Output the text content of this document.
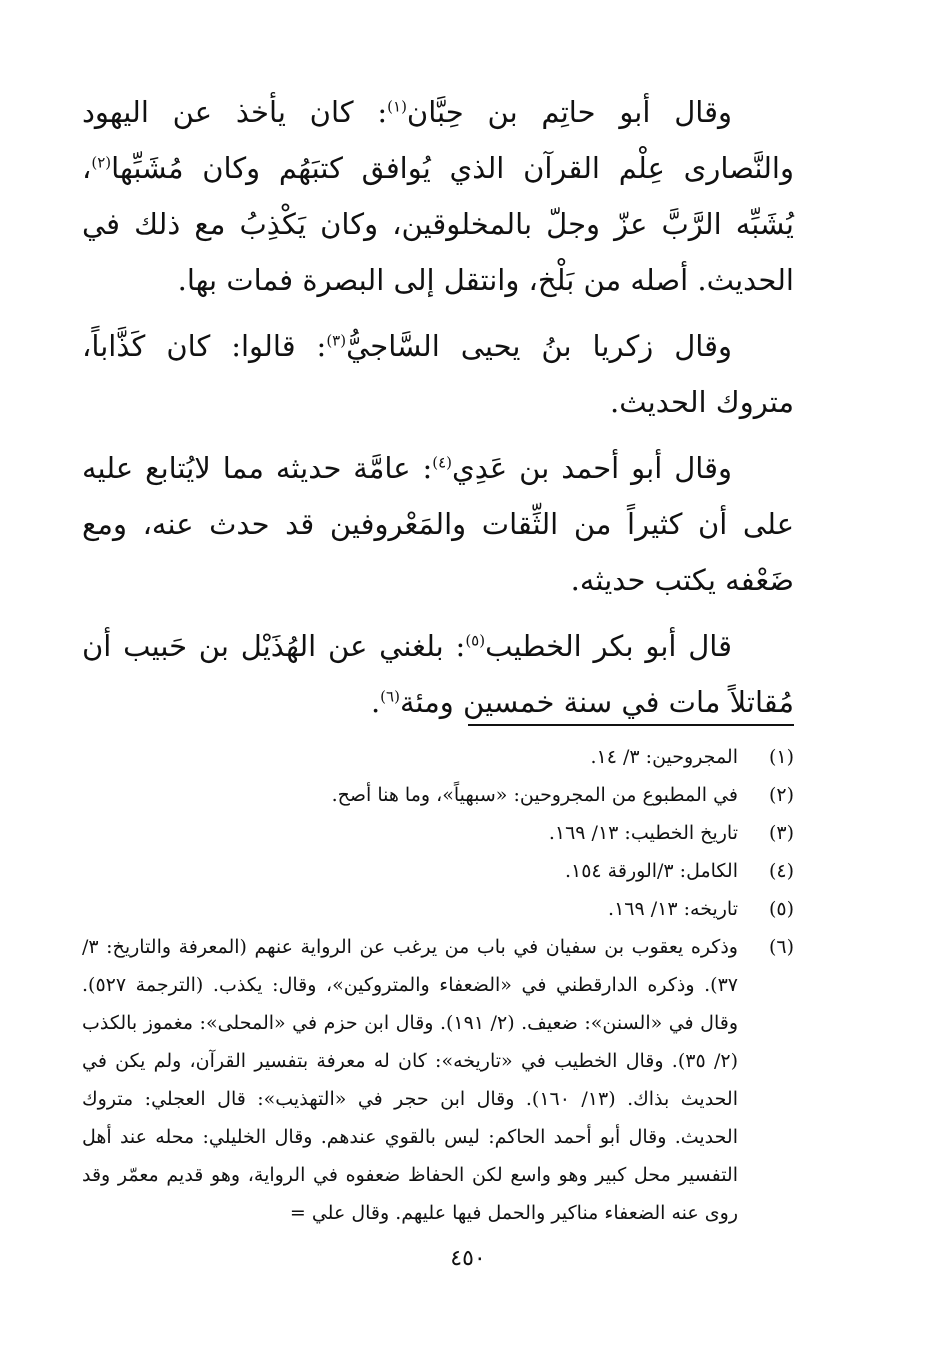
وقال أبو حاتِم بن حِبَّان$^{(١)}$: كان يأخذ عن اليهود والنَّصارى عِلْم القرآن الذي يُوافق كتبَهُم وكان مُشَبِّها$^{(٢)}$، يُشَبِّه الرَّبَّ عزّ وجلّ بالمخلوقين، وكان يَكْذِبُ مع ذلك في الحديث. أصله من بَلْخ، وانتقل إلى البصرة فمات بها.

وقال زكريا بنُ يحيى السَّاجيُّ$^{(٣)}$: قالوا: كان كَذَّاباً، متروك الحديث.

وقال أبو أحمد بن عَدِي$^{(٤)}$: عامَّة حديثه مما لايُتابع عليه على أن كثيراً من الثِّقات والمَعْروفين قد حدث عنه، ومع ضَعْفه يكتب حديثه.

قال أبو بكر الخطيب$^{(٥)}$: بلغني عن الهُذَيْل بن حَبيب أن مُقاتلاً مات في سنة خمسين ومئة$^{(٦)}$.

(١)
المجروحين: ٣/ ١٤.
(٢)
في المطبوع من المجروحين: «سبهياً»، وما هنا أصح.
(٣)
تاريخ الخطيب: ١٣/ ١٦٩.
(٤)
الكامل: ٣/الورقة ١٥٤.
(٥)
تاريخه: ١٣/ ١٦٩.
(٦)
وذكره يعقوب بن سفيان في باب من يرغب عن الرواية عنهم (المعرفة والتاريخ: ٣/ ٣٧). وذكره الدارقطني في «الضعفاء والمتروكين»، وقال: يكذب. (الترجمة ٥٢٧). وقال في «السنن»: ضعيف. (٢/ ١٩١). وقال ابن حزم في «المحلى»: مغموز بالكذب (٢/ ٣٥). وقال الخطيب في «تاريخه»: كان له معرفة بتفسير القرآن، ولم يكن في الحديث بذاك. (١٣/ ١٦٠). وقال ابن حجر في «التهذيب»: قال العجلي: متروك الحديث. وقال أبو أحمد الحاكم: ليس بالقوي عندهم. وقال الخليلي: محله عند أهل التفسير محل كبير وهو واسع لكن الحفاظ ضعفوه في الرواية، وهو قديم معمّر وقد روى عنه الضعفاء مناكير والحمل فيها عليهم. وقال علي =
٤٥٠
